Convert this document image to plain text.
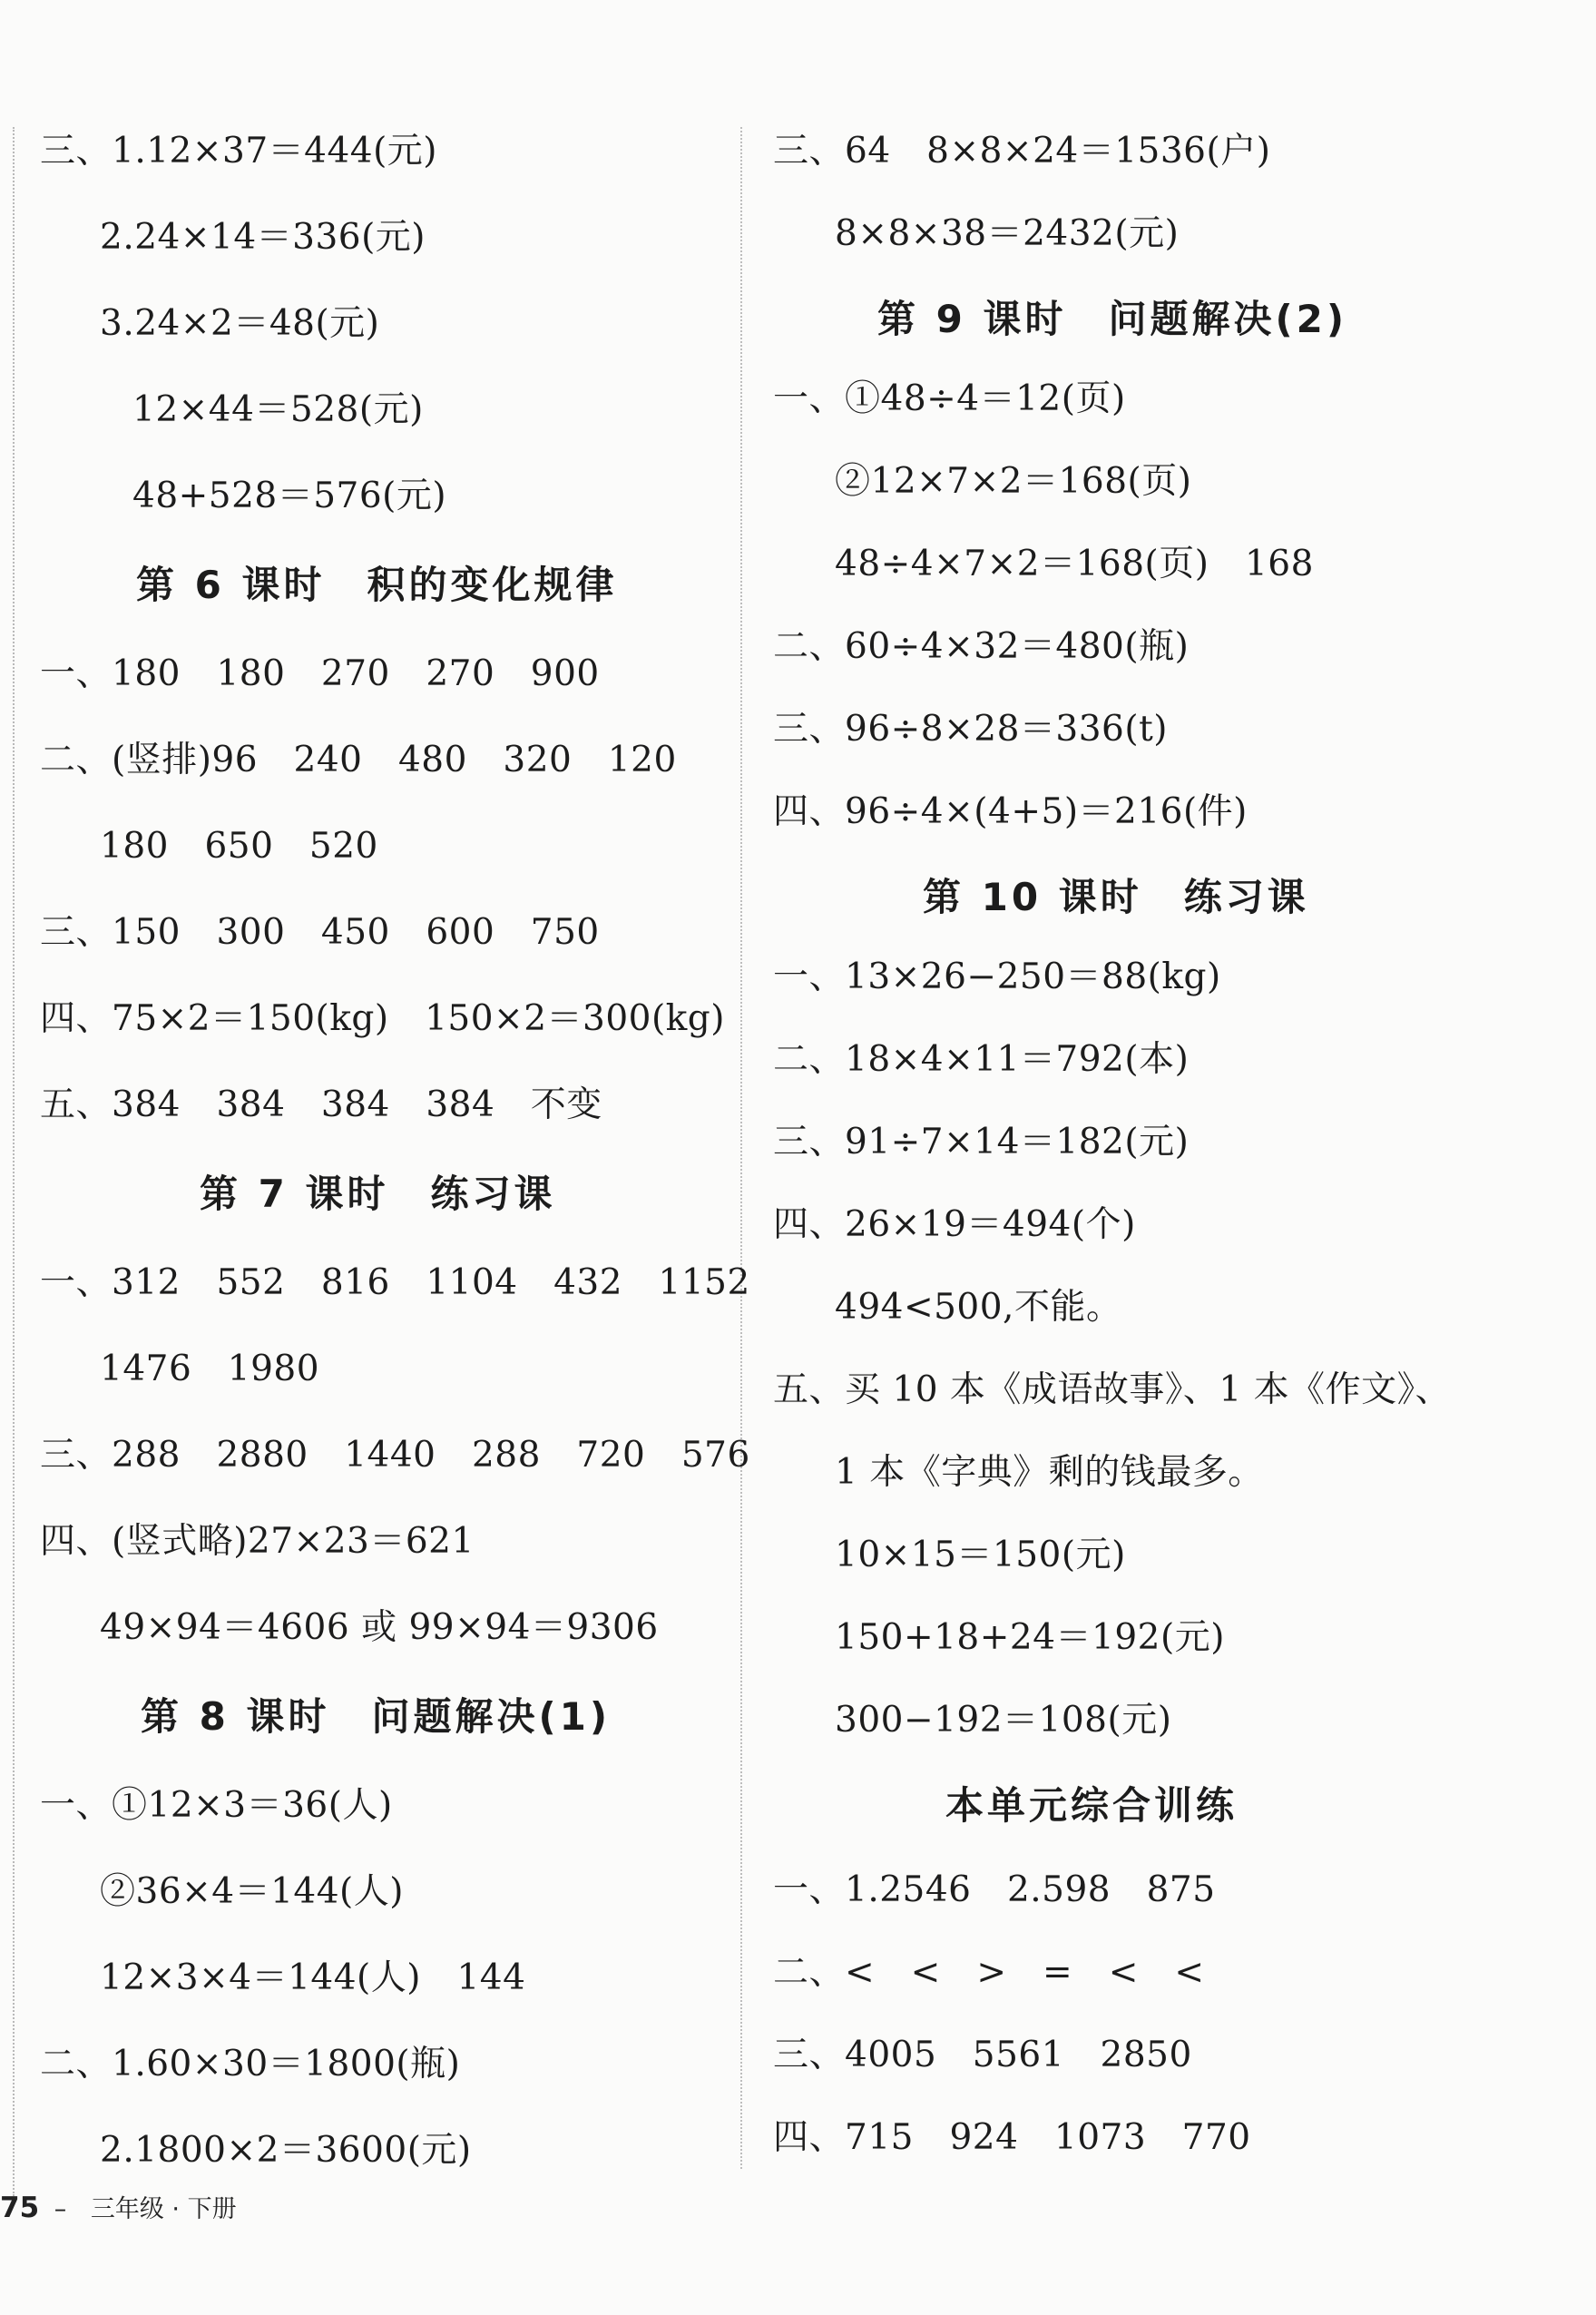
三、1.12×37＝444(元)
2.24×14＝336(元)
3.24×2＝48(元)
12×44＝528(元)
48+528＝576(元)
第 6 课时　积的变化规律
一、180　180　270　270　900
二、(竖排)96　240　480　320　120
180　650　520
三、150　300　450　600　750
四、75×2＝150(kg)　150×2＝300(kg)
五、384　384　384　384　不变
第 7 课时　练习课
一、312　552　816　1104　432　1152
1476　1980
三、288　2880　1440　288　720　576
四、(竖式略)27×23＝621
49×94＝4606 或 99×94＝9306
第 8 课时　问题解决(1)
一、①12×3＝36(人)
②36×4＝144(人)
12×3×4＝144(人)　144
二、1.60×30＝1800(瓶)
2.1800×2＝3600(元)
三、64　8×8×24＝1536(户)
8×8×38＝2432(元)
第 9 课时　问题解决(2)
一、①48÷4＝12(页)
②12×7×2＝168(页)
48÷4×7×2＝168(页)　168
二、60÷4×32＝480(瓶)
三、96÷8×28＝336(t)
四、96÷4×(4+5)＝216(件)
第 10 课时　练习课
一、13×26−250＝88(kg)
二、18×4×11＝792(本)
三、91÷7×14＝182(元)
四、26×19＝494(个)
494<500,不能。
五、买 10 本《成语故事》、1 本《作文》、
1 本《字典》剩的钱最多。
10×15＝150(元)
150+18+24＝192(元)
300−192＝108(元)
本单元综合训练
一、1.2546　2.598　875
二、<　<　>　=　<　<
三、4005　5561　2850
四、715　924　1073　770
75 – 三年级 · 下册
